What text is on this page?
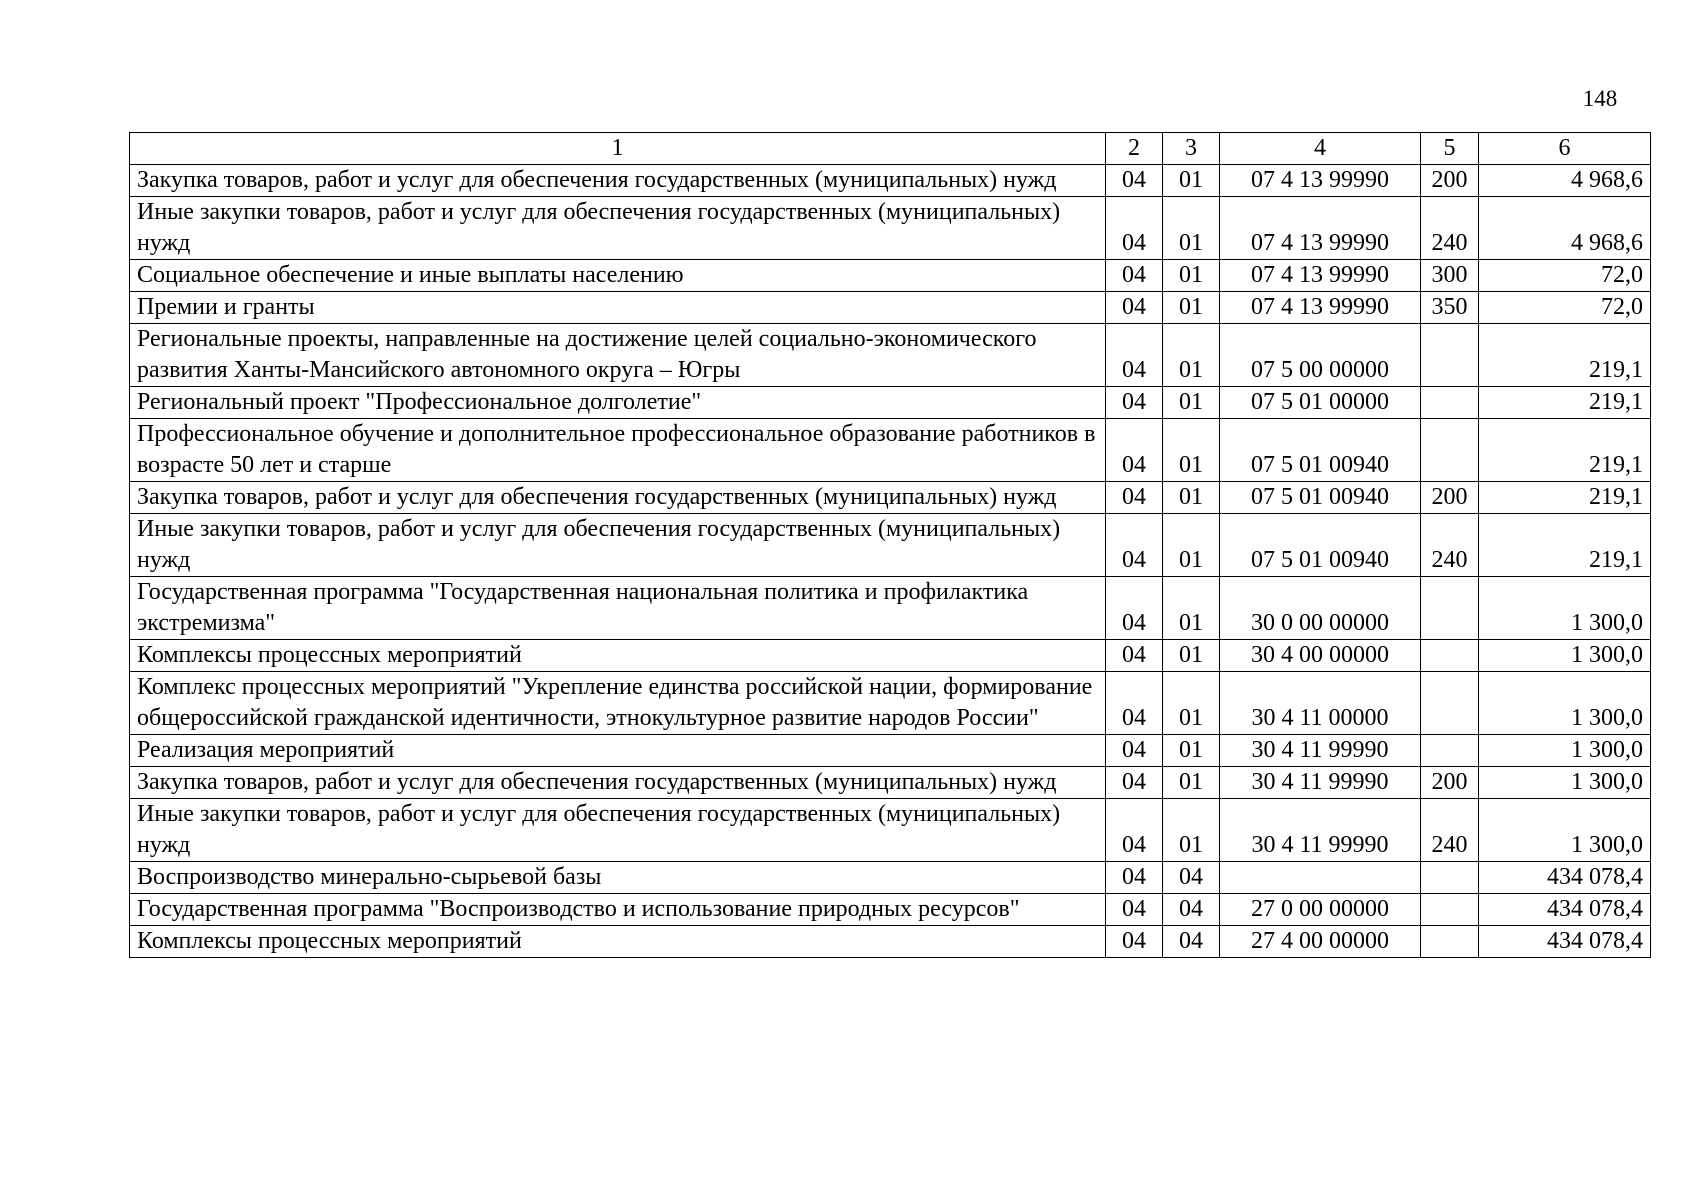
148
1	2	3	4	5	6
Закупка товаров, работ и услуг для обеспечения государственных (муниципальных) нужд	04	01	07 4 13 99990	200	4 968,6
Иные закупки товаров, работ и услуг для обеспечения государственных (муниципальных) нужд	04	01	07 4 13 99990	240	4 968,6
Социальное обеспечение и иные выплаты населению	04	01	07 4 13 99990	300	72,0
Премии и гранты	04	01	07 4 13 99990	350	72,0
Региональные проекты, направленные на достижение целей социально-экономического развития Ханты-Мансийского автономного округа – Югры	04	01	07 5 00 00000		219,1
Региональный проект "Профессиональное долголетие"	04	01	07 5 01 00000		219,1
Профессиональное обучение и дополнительное профессиональное образование работников в возрасте 50 лет и старше	04	01	07 5 01 00940		219,1
Закупка товаров, работ и услуг для обеспечения государственных (муниципальных) нужд	04	01	07 5 01 00940	200	219,1
Иные закупки товаров, работ и услуг для обеспечения государственных (муниципальных) нужд	04	01	07 5 01 00940	240	219,1
Государственная программа "Государственная национальная политика и профилактика экстремизма"	04	01	30 0 00 00000		1 300,0
Комплексы процессных мероприятий	04	01	30 4 00 00000		1 300,0
Комплекс процессных мероприятий "Укрепление единства российской нации, формирование общероссийской гражданской идентичности, этнокультурное развитие народов России"	04	01	30 4 11 00000		1 300,0
Реализация мероприятий	04	01	30 4 11 99990		1 300,0
Закупка товаров, работ и услуг для обеспечения государственных (муниципальных) нужд	04	01	30 4 11 99990	200	1 300,0
Иные закупки товаров, работ и услуг для обеспечения государственных (муниципальных) нужд	04	01	30 4 11 99990	240	1 300,0
Воспроизводство минерально-сырьевой базы	04	04			434 078,4
Государственная программа "Воспроизводство и использование природных ресурсов"	04	04	27 0 00 00000		434 078,4
Комплексы процессных мероприятий	04	04	27 4 00 00000		434 078,4
